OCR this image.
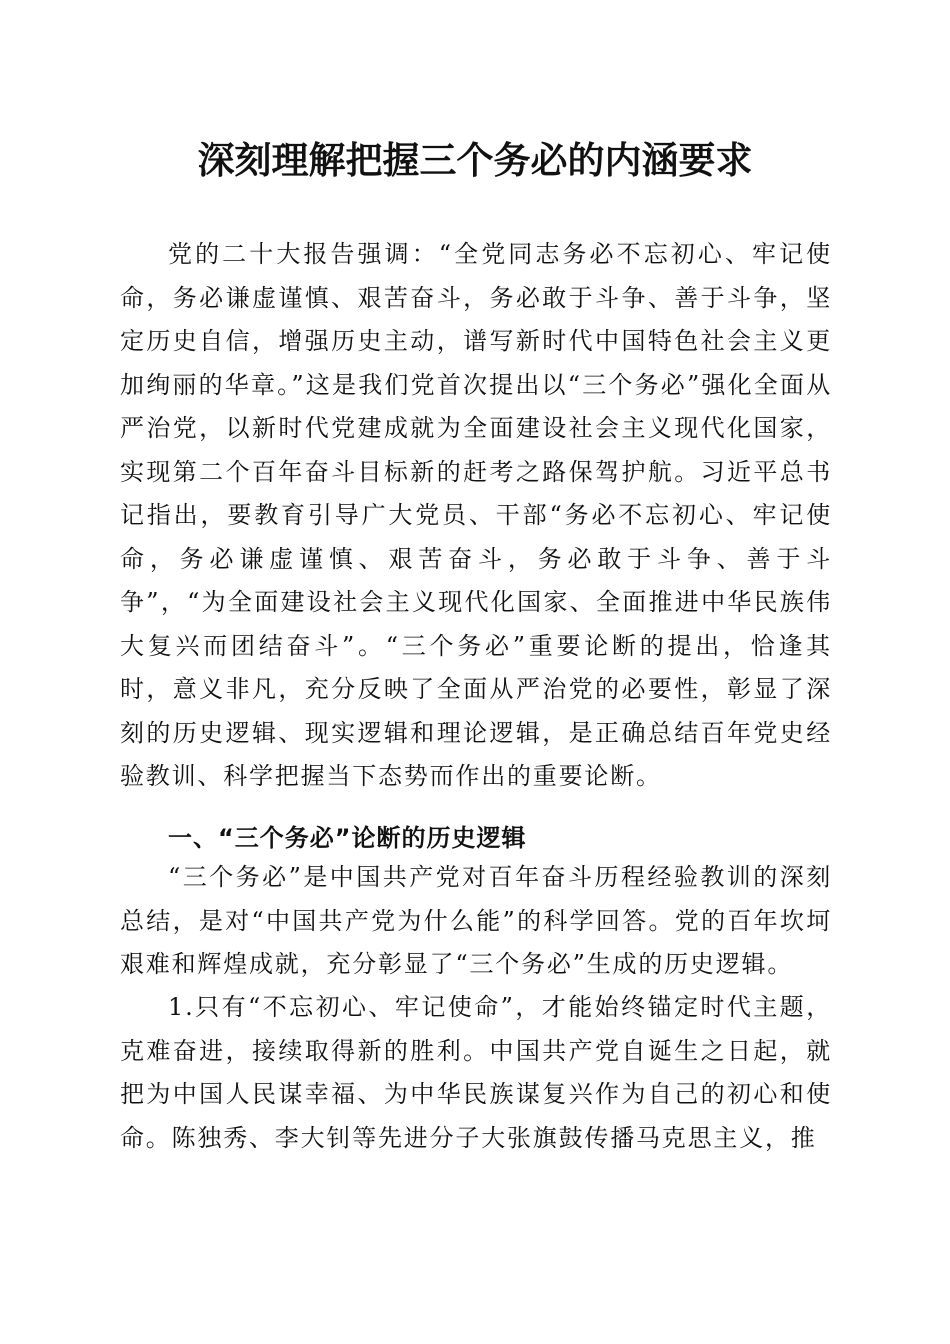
深刻理解把握三个务必的内涵要求

党的二十大报告强调：“全党同志务必不忘初心、牢记使命，务必谦虚谨慎、艰苦奋斗，务必敢于斗争、善于斗争，坚定历史自信，增强历史主动，谱写新时代中国特色社会主义更加绚丽的华章。”这是我们党首次提出以“三个务必”强化全面从严治党，以新时代党建成就为全面建设社会主义现代化国家，实现第二个百年奋斗目标新的赶考之路保驾护航。习近平总书记指出，要教育引导广大党员、干部“务必不忘初心、牢记使命，务必谦虚谨慎、艰苦奋斗，务必敢于斗争、善于斗争”，“为全面建设社会主义现代化国家、全面推进中华民族伟大复兴而团结奋斗”。“三个务必”重要论断的提出，恰逢其时，意义非凡，充分反映了全面从严治党的必要性，彰显了深刻的历史逻辑、现实逻辑和理论逻辑，是正确总结百年党史经验教训、科学把握当下态势而作出的重要论断。

一、“三个务必”论断的历史逻辑

“三个务必”是中国共产党对百年奋斗历程经验教训的深刻总结，是对“中国共产党为什么能”的科学回答。党的百年坎坷艰难和辉煌成就，充分彰显了“三个务必”生成的历史逻辑。

1.只有“不忘初心、牢记使命”，才能始终锚定时代主题，克难奋进，接续取得新的胜利。中国共产党自诞生之日起，就把为中国人民谋幸福、为中华民族谋复兴作为自己的初心和使命。陈独秀、李大钊等先进分子大张旗鼓传播马克思主义，推
